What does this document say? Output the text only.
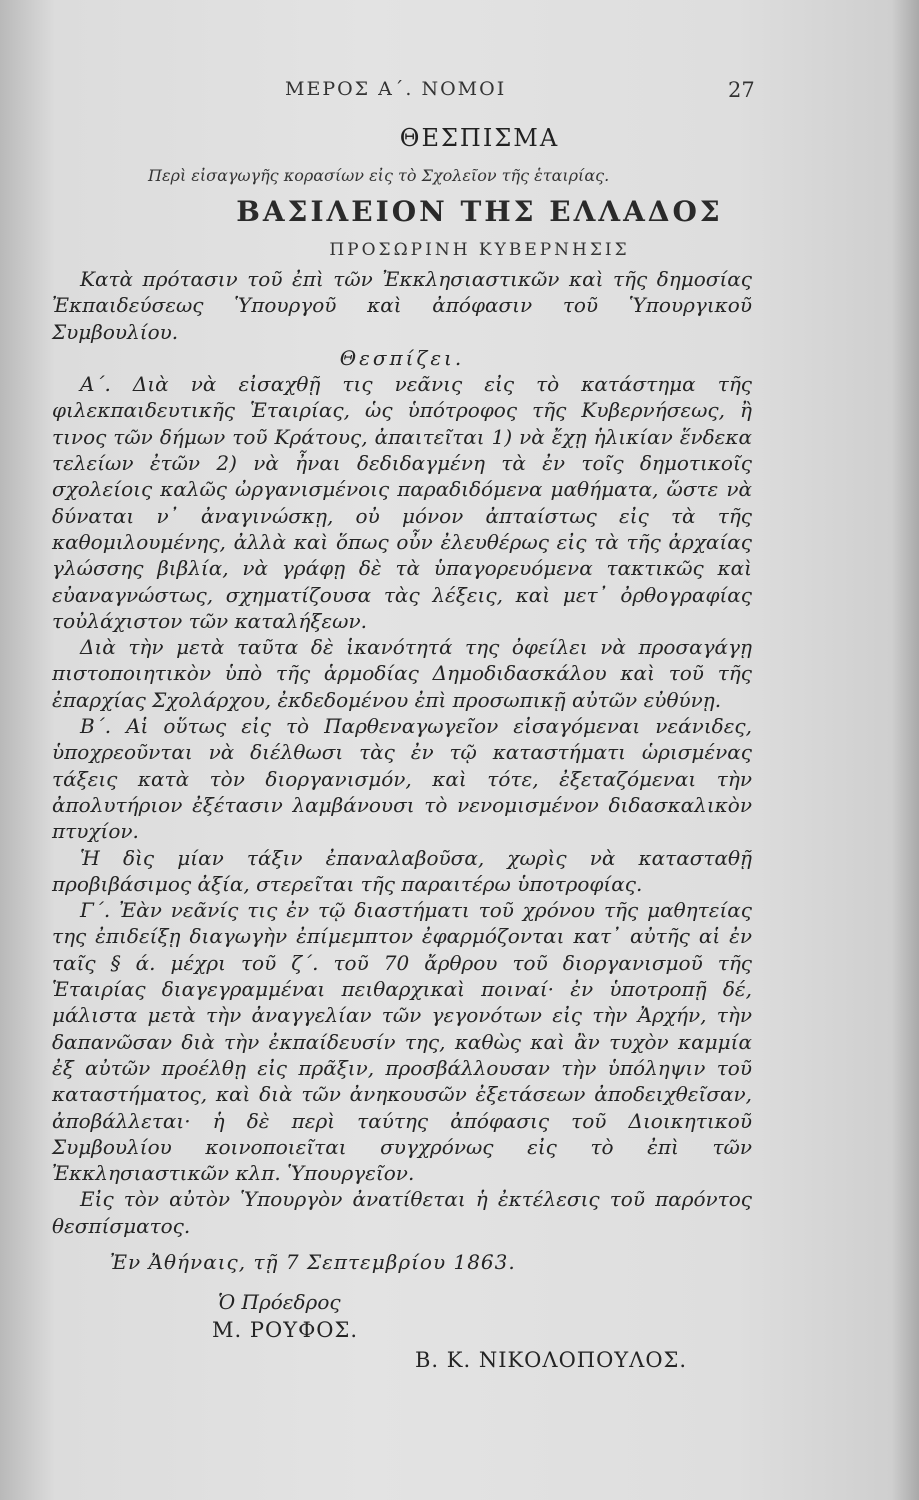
ΜΕΡΟΣ Α΄. ΝΟΜΟΙ	27
ΘΕΣΠΙΣΜΑ
Περὶ εἰσαγωγῆς κορασίων εἰς τὸ Σχολεῖον τῆς ἑταιρίας.
ΒΑΣΙΛΕΙΟΝ ΤΗΣ ΕΛΛΑΔΟΣ
ΠΡΟΣΩΡΙΝΗ ΚΥΒΕΡΝΗΣΙΣ

Κατὰ πρότασιν τοῦ ἐπὶ τῶν Ἐκκλησιαστικῶν καὶ τῆς δημοσίας Ἐκπαιδεύσεως Ὑπουργοῦ καὶ ἀπόφασιν τοῦ Ὑπουργικοῦ Συμβουλίου.

Θεσπίζει.

Α΄. Διὰ νὰ εἰσαχθῇ τις νεᾶνις εἰς τὸ κατάστημα τῆς φιλεκπαιδευτικῆς Ἑταιρίας, ὡς ὑπότροφος τῆς Κυβερνήσεως, ἢ τινος τῶν δήμων τοῦ Κράτους, ἀπαιτεῖται 1) νὰ ἔχῃ ἡλικίαν ἕνδεκα τελείων ἐτῶν 2) νὰ ἦναι δεδιδαγμένη τὰ ἐν τοῖς δημοτικοῖς σχολείοις καλῶς ὠργανισμένοις παραδιδόμενα μαθήματα, ὥστε νὰ δύναται ν᾽ ἀναγινώσκῃ, οὐ μόνον ἀπταίστως εἰς τὰ τῆς καθομιλουμένης, ἀλλὰ καὶ ὅπως οὖν ἐλευθέρως εἰς τὰ τῆς ἀρχαίας γλώσσης βιβλία, νὰ γράφῃ δὲ τὰ ὑπαγορευόμενα τακτικῶς καὶ εὐαναγνώστως, σχηματίζουσα τὰς λέξεις, καὶ μετ᾽ ὀρθογραφίας τοὐλάχιστον τῶν καταλήξεων.

Διὰ τὴν μετὰ ταῦτα δὲ ἱκανότητά της ὀφείλει νὰ προσαγάγῃ πιστοποιητικὸν ὑπὸ τῆς ἁρμοδίας Δημοδιδασκάλου καὶ τοῦ τῆς ἐπαρχίας Σχολάρχου, ἐκδεδομένου ἐπὶ προσωπικῇ αὐτῶν εὐθύνῃ.

Β΄. Αἱ οὕτως εἰς τὸ Παρθεναγωγεῖον εἰσαγόμεναι νεάνιδες, ὑποχρεοῦνται νὰ διέλθωσι τὰς ἐν τῷ καταστήματι ὡρισμένας τάξεις κατὰ τὸν διοργανισμόν, καὶ τότε, ἐξεταζόμεναι τὴν ἀπολυτήριον ἐξέτασιν λαμβάνουσι τὸ νενομισμένον διδασκαλικὸν πτυχίον.

Ἡ δὶς μίαν τάξιν ἐπαναλαβοῦσα, χωρὶς νὰ κατασταθῇ προβιβάσιμος ἀξία, στερεῖται τῆς παραιτέρω ὑποτροφίας.

Γ΄. Ἐὰν νεᾶνίς τις ἐν τῷ διαστήματι τοῦ χρόνου τῆς μαθητείας της ἐπιδείξῃ διαγωγὴν ἐπίμεμπτον ἐφαρμόζονται κατ᾽ αὐτῆς αἱ ἐν ταῖς § ά. μέχρι τοῦ ζ΄. τοῦ 70 ἄρθρου τοῦ διοργανισμοῦ τῆς Ἑταιρίας διαγεγραμμέναι πειθαρχικαὶ ποιναί· ἐν ὑποτροπῇ δέ, μάλιστα μετὰ τὴν ἀναγγελίαν τῶν γεγονότων εἰς τὴν Ἀρχήν, τὴν δαπανῶσαν διὰ τὴν ἐκπαίδευσίν της, καθὼς καὶ ἂν τυχὸν καμμία ἐξ αὐτῶν προέλθῃ εἰς πρᾶξιν, προσβάλλουσαν τὴν ὑπόληψιν τοῦ καταστήματος, καὶ διὰ τῶν ἀνηκουσῶν ἐξετάσεων ἀποδειχθεῖσαν, ἀποβάλλεται· ἡ δὲ περὶ ταύτης ἀπόφασις τοῦ Διοικητικοῦ Συμβουλίου κοινοποιεῖται συγχρόνως εἰς τὸ ἐπὶ τῶν Ἐκκλησιαστικῶν κλπ. Ὑπουργεῖον.

Εἰς τὸν αὐτὸν Ὑπουργὸν ἀνατίθεται ἡ ἐκτέλεσις τοῦ παρόντος θεσπίσματος.

Ἐν Ἀθήναις, τῇ 7 Σεπτεμβρίου 1863.
Ὁ Πρόεδρος
Μ. ΡΟΥΦΟΣ.
Β. Κ. ΝΙΚΟΛΟΠΟΥΛΟΣ.
